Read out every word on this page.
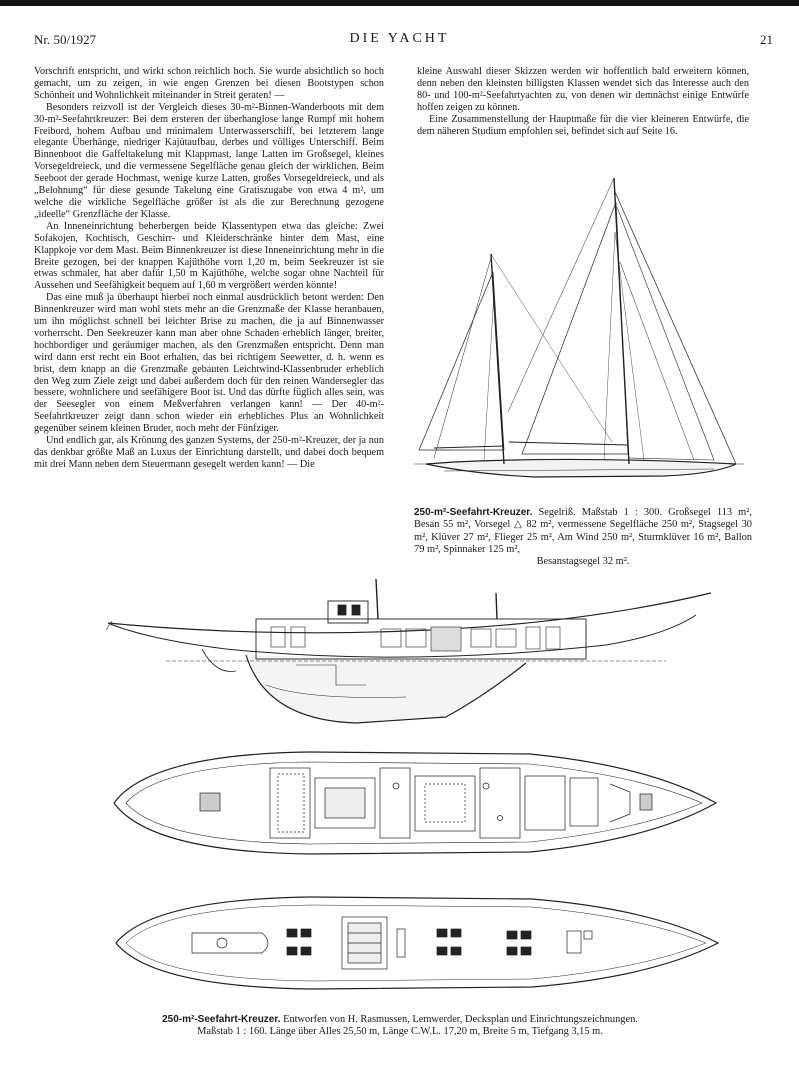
Nr. 50/1927	DIE YACHT	21

Vorschrift entspricht, und wirkt schon reichlich hoch. Sie wurde absichtlich so hoch gemacht, um zu zeigen, in wie engen Grenzen bei diesen Bootstypen schon Schönheit und Wohnlichkeit miteinander in Streit geraten! —

Besonders reizvoll ist der Vergleich dieses 30-m²-Binnen-Wanderboots mit dem 30-m²-Seefahrtkreuzer: Bei dem ersteren der überhanglose lange Rumpf mit hohem Freibord, hohem Aufbau und minimalem Unterwasserschiff, bei letzterem lange elegante Überhänge, niedriger Kajütaufbau, derbes und völliges Unterschiff. Beim Binnenboot die Gaffeltakelung mit Klappmast, lange Latten im Großsegel, kleines Vorsegeldreieck, und die vermessene Segelfläche genau gleich der wirklichen. Beim Seeboot der gerade Hochmast, wenige kurze Latten, großes Vorsegeldreieck, und als „Belohnung“ für diese gesunde Takelung eine Gratiszugabe von etwa 4 m², um welche die wirkliche Segelfläche größer ist als die zur Berechnung gezogene „ideelle“ Grenzfläche der Klasse.

An Inneneinrichtung beherbergen beide Klassentypen etwa das gleiche: Zwei Sofakojen, Kochtisch, Geschirr- und Kleiderschränke hinter dem Mast, eine Klappkoje vor dem Mast. Beim Binnenkreuzer ist diese Inneneinrichtung mehr in die Breite gezogen, bei der knappen Kajüthöhe vorn 1,20 m, beim Seekreuzer ist sie etwas schmaler, hat aber dafür 1,50 m Kajüthöhe, welche sogar ohne Nachteil für Aussehen und Seefähigkeit bequem auf 1,60 m vergrößert werden könnte!

Das eine muß ja überhaupt hierbei noch einmal ausdrücklich betont werden: Den Binnenkreuzer wird man wohl stets mehr an die Grenzmaße der Klasse heranbauen, um ihn möglichst schnell bei leichter Brise zu machen, die ja auf Binnenwasser vorherrscht. Den Seekreuzer kann man aber ohne Schaden erheblich länger, breiter, hochbordiger und geräumiger machen, als den Grenzmaßen entspricht. Denn man wird dann erst recht ein Boot erhalten, das bei richtigem Seewetter, d. h. wenn es brist, dem knapp an die Grenzmaße gebauten Leichtwind-Klassenbruder erheblich den Weg zum Ziele zeigt und dabei außerdem doch für den reinen Wandersegler das bessere, wohnlichere und seefähigere Boot ist. Und das dürfte füglich alles sein, was der Seesegler von einem Meßverfahren verlangen kann! — Der 40-m²-Seefahrtkreuzer zeigt dann schon wieder ein erhebliches Plus an Wohnlichkeit gegenüber seinem kleinen Bruder, noch mehr der Fünfziger.

Und endlich gar, als Krönung des ganzen Systems, der 250-m²-Kreuzer, der ja nun das denkbar größte Maß an Luxus der Einrichtung darstellt, und dabei doch bequem mit drei Mann neben dem Steuermann gesegelt werden kann! — Die

kleine Auswahl dieser Skizzen werden wir hoffentlich bald erweitern können, denn neben den kleinsten billigsten Klassen wendet sich das Interesse auch den 80- und 100-m²-Seefahrtyachten zu, von denen wir demnächst einige Entwürfe hoffen zeigen zu können.

Eine Zusammenstellung der Hauptmaße für die vier kleineren Entwürfe, die dem näheren Studium empfohlen sei, befindet sich auf Seite 16.

250-m²-Seefahrt-Kreuzer. Segelriß. Maßstab 1 : 300. Großsegel 113 m², Besan 55 m², Vorsegel △ 82 m², vermessene Segelfläche 250 m², Stagsegel 30 m², Klüver 27 m², Flieger 25 m², Am Wind 250 m², Sturmklüver 16 m², Ballon 79 m², Spinnaker 125 m²,
Besanstagsegel 32 m².
250-m²-Seefahrt-Kreuzer. Entworfen von H. Rasmussen, Lemwerder, Decksplan und Einrichtungszeichnungen.
Maßstab 1 : 160. Länge über Alles 25,50 m, Länge C.W.L. 17,20 m, Breite 5 m, Tiefgang 3,15 m.
